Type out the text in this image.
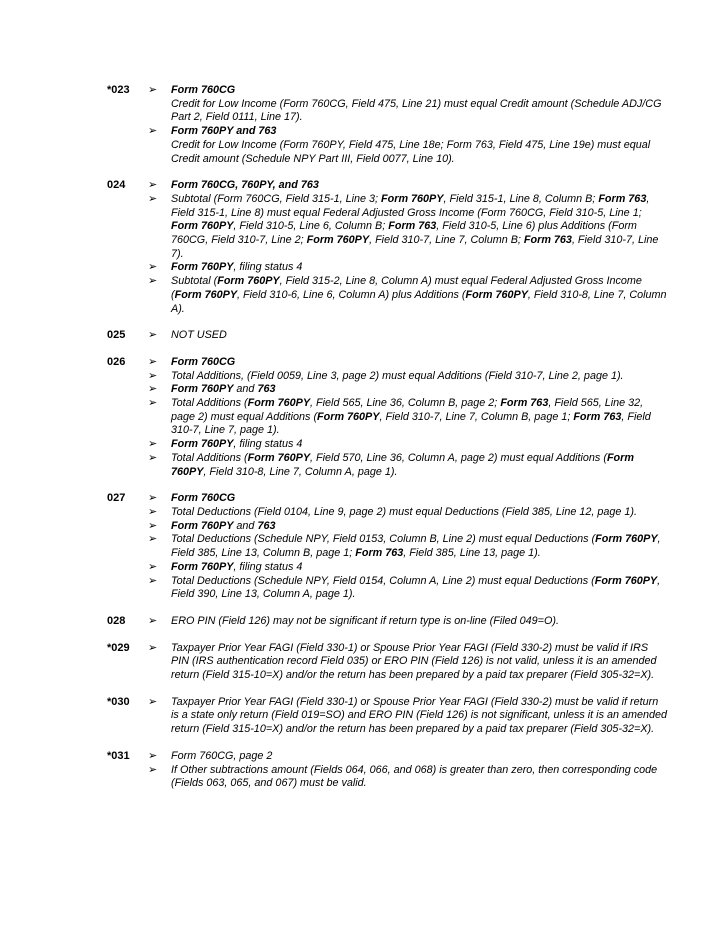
*023	➢	Form 760CG
Credit for Low Income (Form 760CG, Field 475, Line 21) must equal Credit amount (Schedule ADJ/CG Part 2, Field 0111, Line 17).
➢	Form 760PY and 763
Credit for Low Income (Form 760PY, Field 475, Line 18e; Form 763, Field 475, Line 19e) must equal Credit amount (Schedule NPY Part III, Field 0077, Line 10).
024	➢	Form 760CG, 760PY, and 763
➢	Subtotal (Form 760CG, Field 315-1, Line 3; Form 760PY, Field 315-1, Line 8, Column B; Form 763, Field 315-1, Line 8) must equal Federal Adjusted Gross Income (Form 760CG, Field 310-5, Line 1; Form 760PY, Field 310-5, Line 6, Column B; Form 763, Field 310-5, Line 6) plus Additions (Form 760CG, Field 310-7, Line 2; Form 760PY, Field 310-7, Line 7, Column B; Form 763, Field 310-7, Line 7).
➢	Form 760PY, filing status 4
➢	Subtotal (Form 760PY, Field 315-2, Line 8, Column A) must equal Federal Adjusted Gross Income (Form 760PY, Field 310-6, Line 6, Column A) plus Additions (Form 760PY, Field 310-8, Line 7, Column A).
025	➢	NOT USED
026	➢	Form 760CG
➢	Total Additions, (Field 0059, Line 3, page 2) must equal Additions (Field 310-7, Line 2, page 1).
➢	Form 760PY and 763
➢	Total Additions (Form 760PY, Field 565, Line 36, Column B, page 2; Form 763, Field 565, Line 32, page 2) must equal Additions (Form 760PY, Field 310-7, Line 7, Column B, page 1; Form 763, Field 310-7, Line 7, page 1).
➢	Form 760PY, filing status 4
➢	Total Additions (Form 760PY, Field 570, Line 36, Column A, page 2) must equal Additions (Form 760PY, Field 310-8, Line 7, Column A, page 1).
027	➢	Form 760CG
➢	Total Deductions (Field 0104, Line 9, page 2) must equal Deductions (Field 385, Line 12, page 1).
➢	Form 760PY and 763
➢	Total Deductions (Schedule NPY, Field 0153, Column B, Line 2) must equal Deductions (Form 760PY, Field 385, Line 13, Column B, page 1; Form 763, Field 385, Line 13, page 1).
➢	Form 760PY, filing status 4
➢	Total Deductions (Schedule NPY, Field 0154, Column A, Line 2) must equal Deductions (Form 760PY, Field 390, Line 13, Column A, page 1).
028	➢	ERO PIN (Field 126) may not be significant if return type is on-line (Filed 049=O).
*029	➢	Taxpayer Prior Year FAGI (Field 330-1) or Spouse Prior Year FAGI (Field 330-2) must be valid if IRS PIN (IRS authentication record Field 035) or ERO PIN (Field 126) is not valid, unless it is an amended return (Field 315-10=X) and/or the return has been prepared by a paid tax preparer (Field 305-32=X).
*030	➢	Taxpayer Prior Year FAGI (Field 330-1) or Spouse Prior Year FAGI (Field 330-2) must be valid if return is a state only return (Field 019=SO) and ERO PIN (Field 126) is not significant, unless it is an amended return (Field 315-10=X) and/or the return has been prepared by a paid tax preparer (Field 305-32=X).
*031	➢	Form 760CG, page 2
➢	If Other subtractions amount (Fields 064, 066, and 068) is greater than zero, then corresponding code (Fields 063, 065, and 067) must be valid.
